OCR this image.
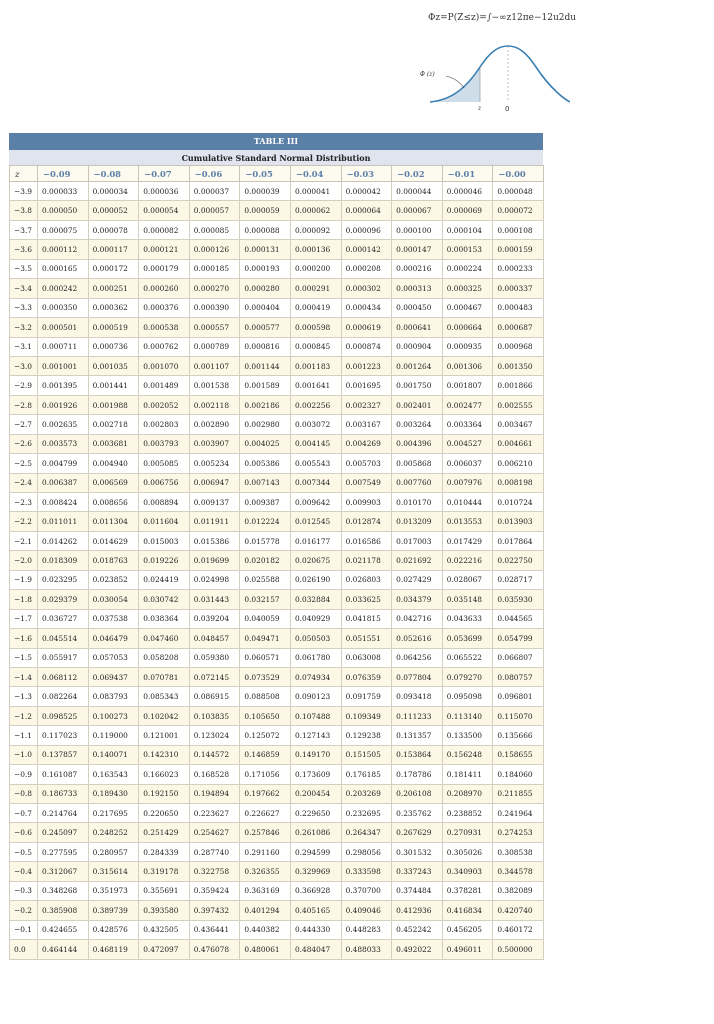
Φz=P(Z≤z)=∫−∞z12πe−12u2du
Φ (z)
z	0
TABLE III
Cumulative Standard Normal Distribution
z	−0.09	−0.08	−0.07	−0.06	−0.05	−0.04	−0.03	−0.02	−0.01	−0.00
−3.9	0.000033	0.000034	0.000036	0.000037	0.000039	0.000041	0.000042	0.000044	0.000046	0.000048
−3.8	0.000050	0.000052	0.000054	0.000057	0.000059	0.000062	0.000064	0.000067	0.000069	0.000072
−3.7	0.000075	0.000078	0.000082	0.000085	0.000088	0.000092	0.000096	0.000100	0.000104	0.000108
−3.6	0.000112	0.000117	0.000121	0.000126	0.000131	0.000136	0.000142	0.000147	0.000153	0.000159
−3.5	0.000165	0.000172	0.000179	0.000185	0.000193	0.000200	0.000208	0.000216	0.000224	0.000233
−3.4	0.000242	0.000251	0.000260	0.000270	0.000280	0.000291	0.000302	0.000313	0.000325	0.000337
−3.3	0.000350	0.000362	0.000376	0.000390	0.000404	0.000419	0.000434	0.000450	0.000467	0.000483
−3.2	0.000501	0.000519	0.000538	0.000557	0.000577	0.000598	0.000619	0.000641	0.000664	0.000687
−3.1	0.000711	0.000736	0.000762	0.000789	0.000816	0.000845	0.000874	0.000904	0.000935	0.000968
−3.0	0.001001	0.001035	0.001070	0.001107	0.001144	0.001183	0.001223	0.001264	0.001306	0.001350
−2.9	0.001395	0.001441	0.001489	0.001538	0.001589	0.001641	0.001695	0.001750	0.001807	0.001866
−2.8	0.001926	0.001988	0.002052	0.002118	0.002186	0.002256	0.002327	0.002401	0.002477	0.002555
−2.7	0.002635	0.002718	0.002803	0.002890	0.002980	0.003072	0.003167	0.003264	0.003364	0.003467
−2.6	0.003573	0.003681	0.003793	0.003907	0.004025	0.004145	0.004269	0.004396	0.004527	0.004661
−2.5	0.004799	0.004940	0.005085	0.005234	0.005386	0.005543	0.005703	0.005868	0.006037	0.006210
−2.4	0.006387	0.006569	0.006756	0.006947	0.007143	0.007344	0.007549	0.007760	0.007976	0.008198
−2.3	0.008424	0.008656	0.008894	0.009137	0.009387	0.009642	0.009903	0.010170	0.010444	0.010724
−2.2	0.011011	0.011304	0.011604	0.011911	0.012224	0.012545	0.012874	0.013209	0.013553	0.013903
−2.1	0.014262	0.014629	0.015003	0.015386	0.015778	0.016177	0.016586	0.017003	0.017429	0.017864
−2.0	0.018309	0.018763	0.019226	0.019699	0.020182	0.020675	0.021178	0.021692	0.022216	0.022750
−1.9	0.023295	0.023852	0.024419	0.024998	0.025588	0.026190	0.026803	0.027429	0.028067	0.028717
−1.8	0.029379	0.030054	0.030742	0.031443	0.032157	0.032884	0.033625	0.034379	0.035148	0.035930
−1.7	0.036727	0.037538	0.038364	0.039204	0.040059	0.040929	0.041815	0.042716	0.043633	0.044565
−1.6	0.045514	0.046479	0.047460	0.048457	0.049471	0.050503	0.051551	0.052616	0.053699	0.054799
−1.5	0.055917	0.057053	0.058208	0.059380	0.060571	0.061780	0.063008	0.064256	0.065522	0.066807
−1.4	0.068112	0.069437	0.070781	0.072145	0.073529	0.074934	0.076359	0.077804	0.079270	0.080757
−1.3	0.082264	0.083793	0.085343	0.086915	0.088508	0.090123	0.091759	0.093418	0.095098	0.096801
−1.2	0.098525	0.100273	0.102042	0.103835	0.105650	0.107488	0.109349	0.111233	0.113140	0.115070
−1.1	0.117023	0.119000	0.121001	0.123024	0.125072	0.127143	0.129238	0.131357	0.133500	0.135666
−1.0	0.137857	0.140071	0.142310	0.144572	0.146859	0.149170	0.151505	0.153864	0.156248	0.158655
−0.9	0.161087	0.163543	0.166023	0.168528	0.171056	0.173609	0.176185	0.178786	0.181411	0.184060
−0.8	0.186733	0.189430	0.192150	0.194894	0.197662	0.200454	0.203269	0.206108	0.208970	0.211855
−0.7	0.214764	0.217695	0.220650	0.223627	0.226627	0.229650	0.232695	0.235762	0.238852	0.241964
−0.6	0.245097	0.248252	0.251429	0.254627	0.257846	0.261086	0.264347	0.267629	0.270931	0.274253
−0.5	0.277595	0.280957	0.284339	0.287740	0.291160	0.294599	0.298056	0.301532	0.305026	0.308538
−0.4	0.312067	0.315614	0.319178	0.322758	0.326355	0.329969	0.333598	0.337243	0.340903	0.344578
−0.3	0.348268	0.351973	0.355691	0.359424	0.363169	0.366928	0.370700	0.374484	0.378281	0.382089
−0.2	0.385908	0.389739	0.393580	0.397432	0.401294	0.405165	0.409046	0.412936	0.416834	0.420740
−0.1	0.424655	0.428576	0.432505	0.436441	0.440382	0.444330	0.448283	0.452242	0.456205	0.460172
0.0	0.464144	0.468119	0.472097	0.476078	0.480061	0.484047	0.488033	0.492022	0.496011	0.500000
